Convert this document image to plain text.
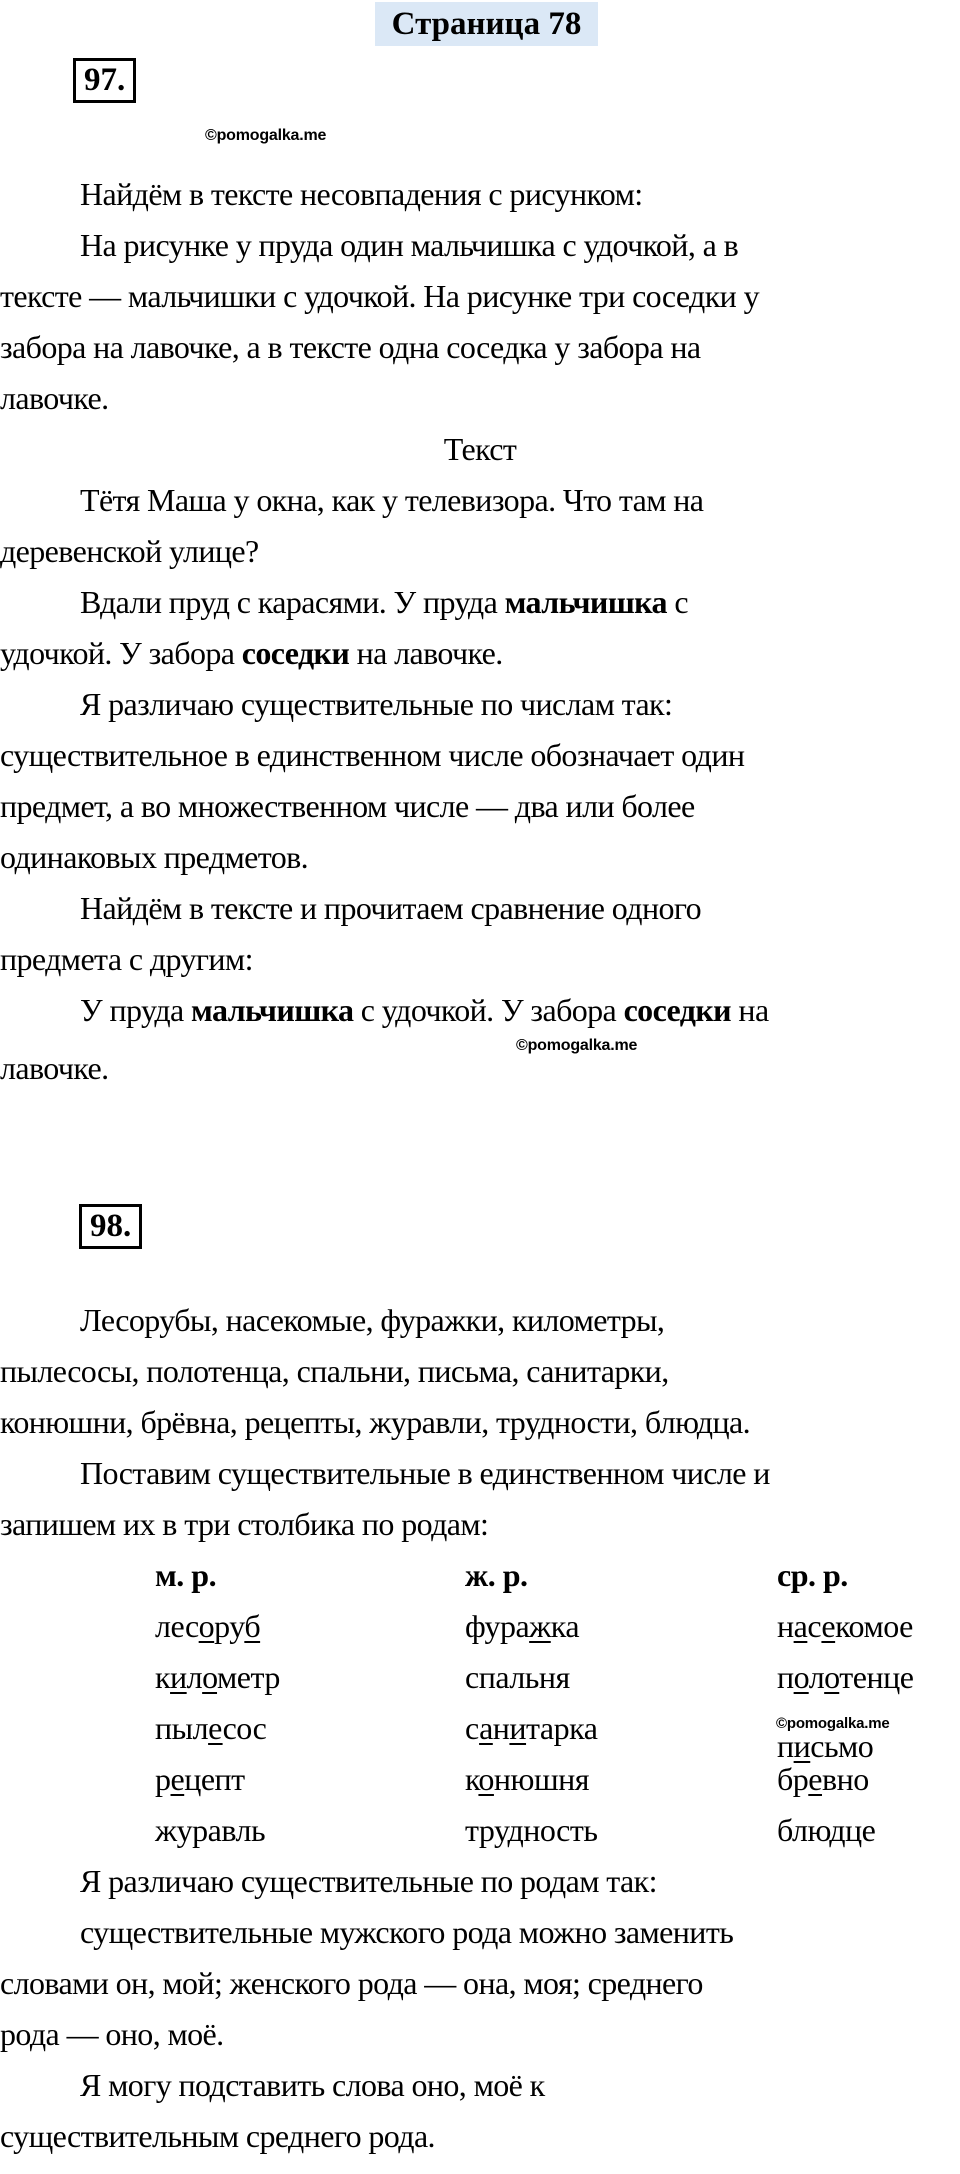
Страница 78
97.
©pomogalka.me
Найдём в тексте несовпадения с рисунком:
На рисунке у пруда один мальчишка с удочкой, а в
тексте — мальчишки с удочкой. На рисунке три соседки у
забора на лавочке, а в тексте одна соседка у забора на
лавочке.
Текст
Тётя Маша у окна, как у телевизора. Что там на
деревенской улице?
Вдали пруд с карасями. У пруда мальчишка с
удочкой. У забора соседки на лавочке.
Я различаю существительные по числам так:
существительное в единственном числе обозначает один
предмет, а во множественном числе — два или более
одинаковых предметов.
Найдём в тексте и прочитаем сравнение одного
предмета с другим:
У пруда мальчишка с удочкой. У забора соседки на
©pomogalka.me
лавочке.
98.
Лесорубы, насекомые, фуражки, километры,
пылесосы, полотенца, спальни, письма, санитарки,
конюшни, брёвна, рецепты, журавли, трудности, блюдца.
Поставим существительные в единственном числе и
запишем их в три столбика по родам:
м. р.	ж. р.	ср. р.
лесоруб	фуражка	насекомое
километр	спальня	полотенце
©pomogalka.me
пылесос	санитарка	письмо
рецепт	конюшня	бревно
журавль	трудность	блюдце
Я различаю существительные по родам так:
существительные мужского рода можно заменить
словами он, мой; женского рода — она, моя; среднего
рода — оно, моё.
Я могу подставить слова оно, моё к
существительным среднего рода.
